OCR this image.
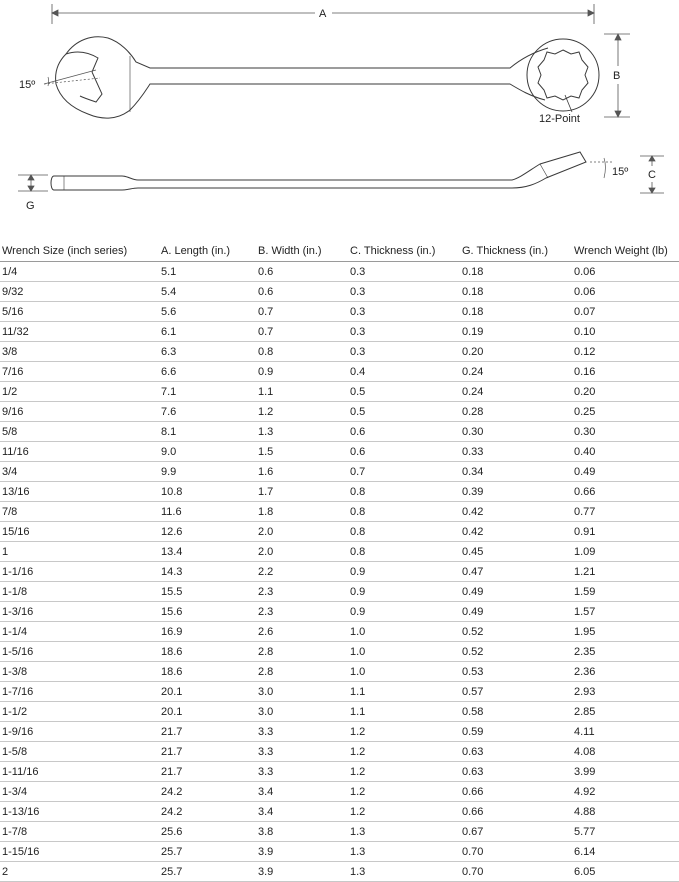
A
B
15º
12-Point
G
15º C
Wrench Size (inch series)	A. Length (in.)	B. Width (in.)	C. Thickness (in.)	G. Thickness (in.)	Wrench Weight (lb)
1/4	5.1	0.6	0.3	0.18	0.06
9/32	5.4	0.6	0.3	0.18	0.06
5/16	5.6	0.7	0.3	0.18	0.07
11/32	6.1	0.7	0.3	0.19	0.10
3/8	6.3	0.8	0.3	0.20	0.12
7/16	6.6	0.9	0.4	0.24	0.16
1/2	7.1	1.1	0.5	0.24	0.20
9/16	7.6	1.2	0.5	0.28	0.25
5/8	8.1	1.3	0.6	0.30	0.30
11/16	9.0	1.5	0.6	0.33	0.40
3/4	9.9	1.6	0.7	0.34	0.49
13/16	10.8	1.7	0.8	0.39	0.66
7/8	11.6	1.8	0.8	0.42	0.77
15/16	12.6	2.0	0.8	0.42	0.91
1	13.4	2.0	0.8	0.45	1.09
1-1/16	14.3	2.2	0.9	0.47	1.21
1-1/8	15.5	2.3	0.9	0.49	1.59
1-3/16	15.6	2.3	0.9	0.49	1.57
1-1/4	16.9	2.6	1.0	0.52	1.95
1-5/16	18.6	2.8	1.0	0.52	2.35
1-3/8	18.6	2.8	1.0	0.53	2.36
1-7/16	20.1	3.0	1.1	0.57	2.93
1-1/2	20.1	3.0	1.1	0.58	2.85
1-9/16	21.7	3.3	1.2	0.59	4.11
1-5/8	21.7	3.3	1.2	0.63	4.08
1-11/16	21.7	3.3	1.2	0.63	3.99
1-3/4	24.2	3.4	1.2	0.66	4.92
1-13/16	24.2	3.4	1.2	0.66	4.88
1-7/8	25.6	3.8	1.3	0.67	5.77
1-15/16	25.7	3.9	1.3	0.70	6.14
2	25.7	3.9	1.3	0.70	6.05
